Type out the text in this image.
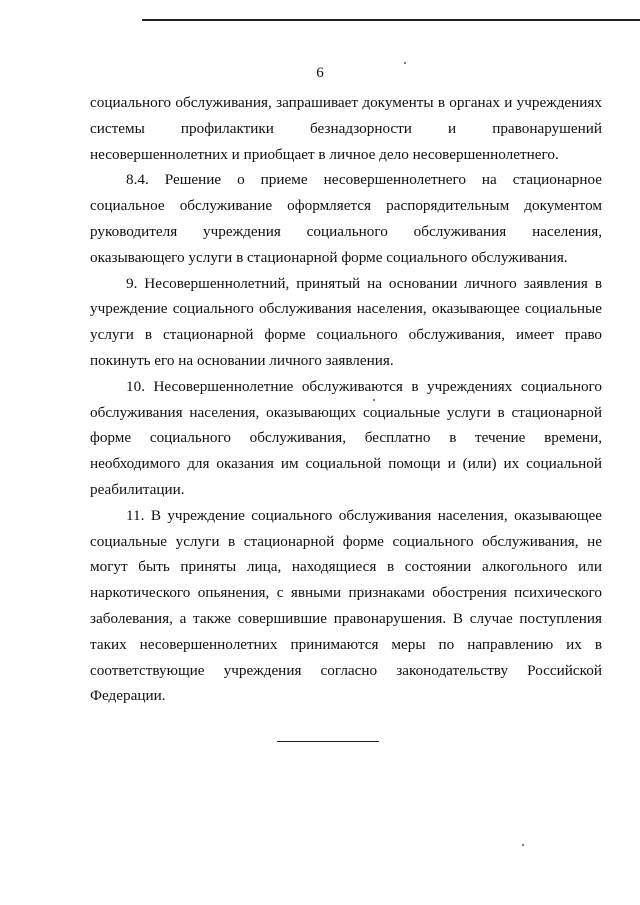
6

социального обслуживания, запрашивает документы в органах и учреждениях системы профилактики безнадзорности и правонарушений несовершеннолетних и приобщает в личное дело несовершеннолетнего.

8.4. Решение о приеме несовершеннолетнего на стационарное социальное обслуживание оформляется распорядительным документом руководителя учреждения социального обслуживания населения, оказывающего услуги в стационарной форме социального обслуживания.

9. Несовершеннолетний, принятый на основании личного заявления в учреждение социального обслуживания населения, оказывающее социальные услуги в стационарной форме социального обслуживания, имеет право покинуть его на основании личного заявления.

10. Несовершеннолетние обслуживаются в учреждениях социального обслуживания населения, оказывающих социальные услуги в стационарной форме социального обслуживания, бесплатно в течение времени, необходимого для оказания им социальной помощи и (или) их социальной реабилитации.

11. В учреждение социального обслуживания населения, оказывающее социальные услуги в стационарной форме социального обслуживания, не могут быть приняты лица, находящиеся в состоянии алкогольного или наркотического опьянения, с явными признаками обострения психического заболевания, а также совершившие правонарушения. В случае поступления таких несовершеннолетних принимаются меры по направлению их в соответствующие учреждения согласно законодательству Российской Федерации.
